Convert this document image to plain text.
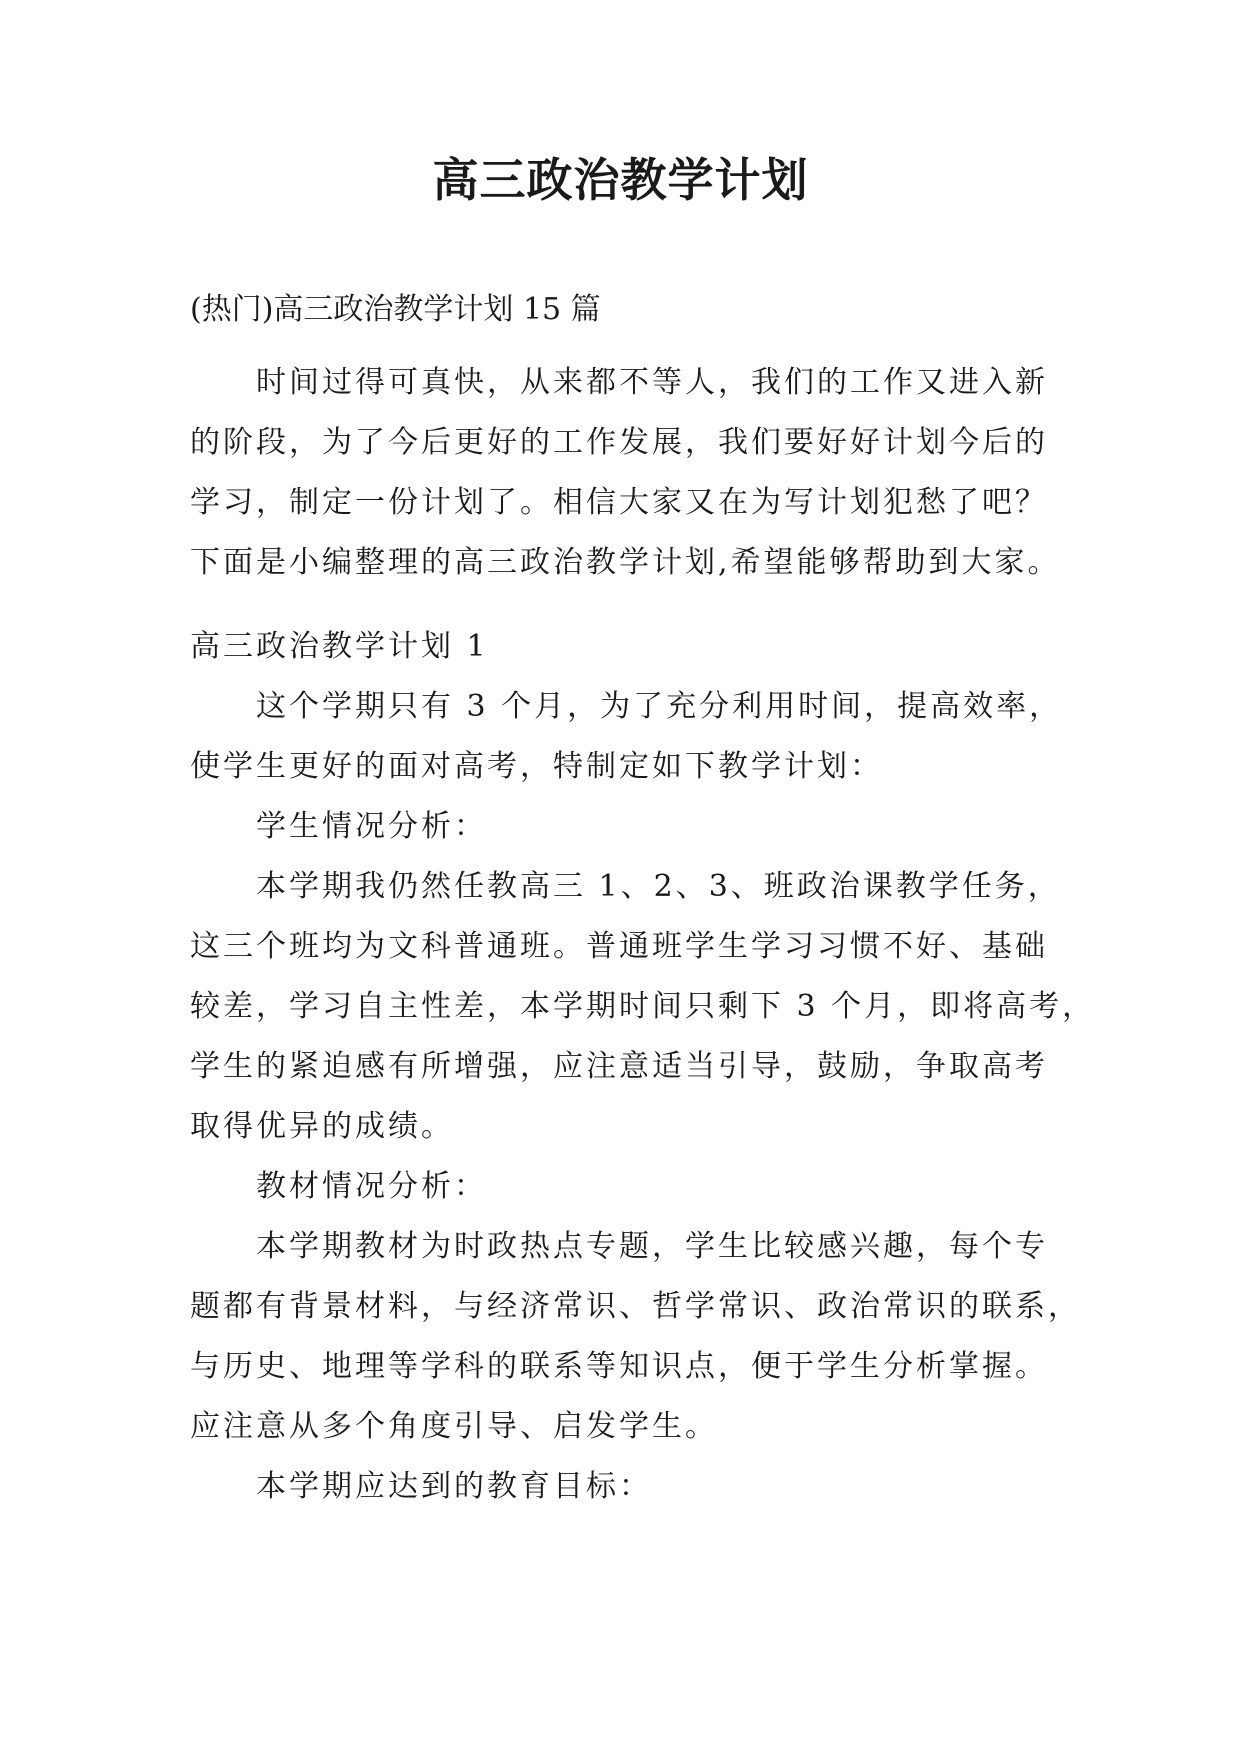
高三政治教学计划
(热门)高三政治教学计划 15 篇
时间过得可真快，从来都不等人，我们的工作又进入新
的阶段，为了今后更好的工作发展，我们要好好计划今后的
学习，制定一份计划了。相信大家又在为写计划犯愁了吧？
下面是小编整理的高三政治教学计划,希望能够帮助到大家。
高三政治教学计划 1
这个学期只有 3 个月，为了充分利用时间，提高效率，
使学生更好的面对高考，特制定如下教学计划：
学生情况分析：
本学期我仍然任教高三 1、2、3、班政治课教学任务，
这三个班均为文科普通班。普通班学生学习习惯不好、基础
较差，学习自主性差，本学期时间只剩下 3 个月，即将高考，
学生的紧迫感有所增强，应注意适当引导，鼓励，争取高考
取得优异的成绩。
教材情况分析：
本学期教材为时政热点专题，学生比较感兴趣，每个专
题都有背景材料，与经济常识、哲学常识、政治常识的联系，
与历史、地理等学科的联系等知识点，便于学生分析掌握。
应注意从多个角度引导、启发学生。
本学期应达到的教育目标：
